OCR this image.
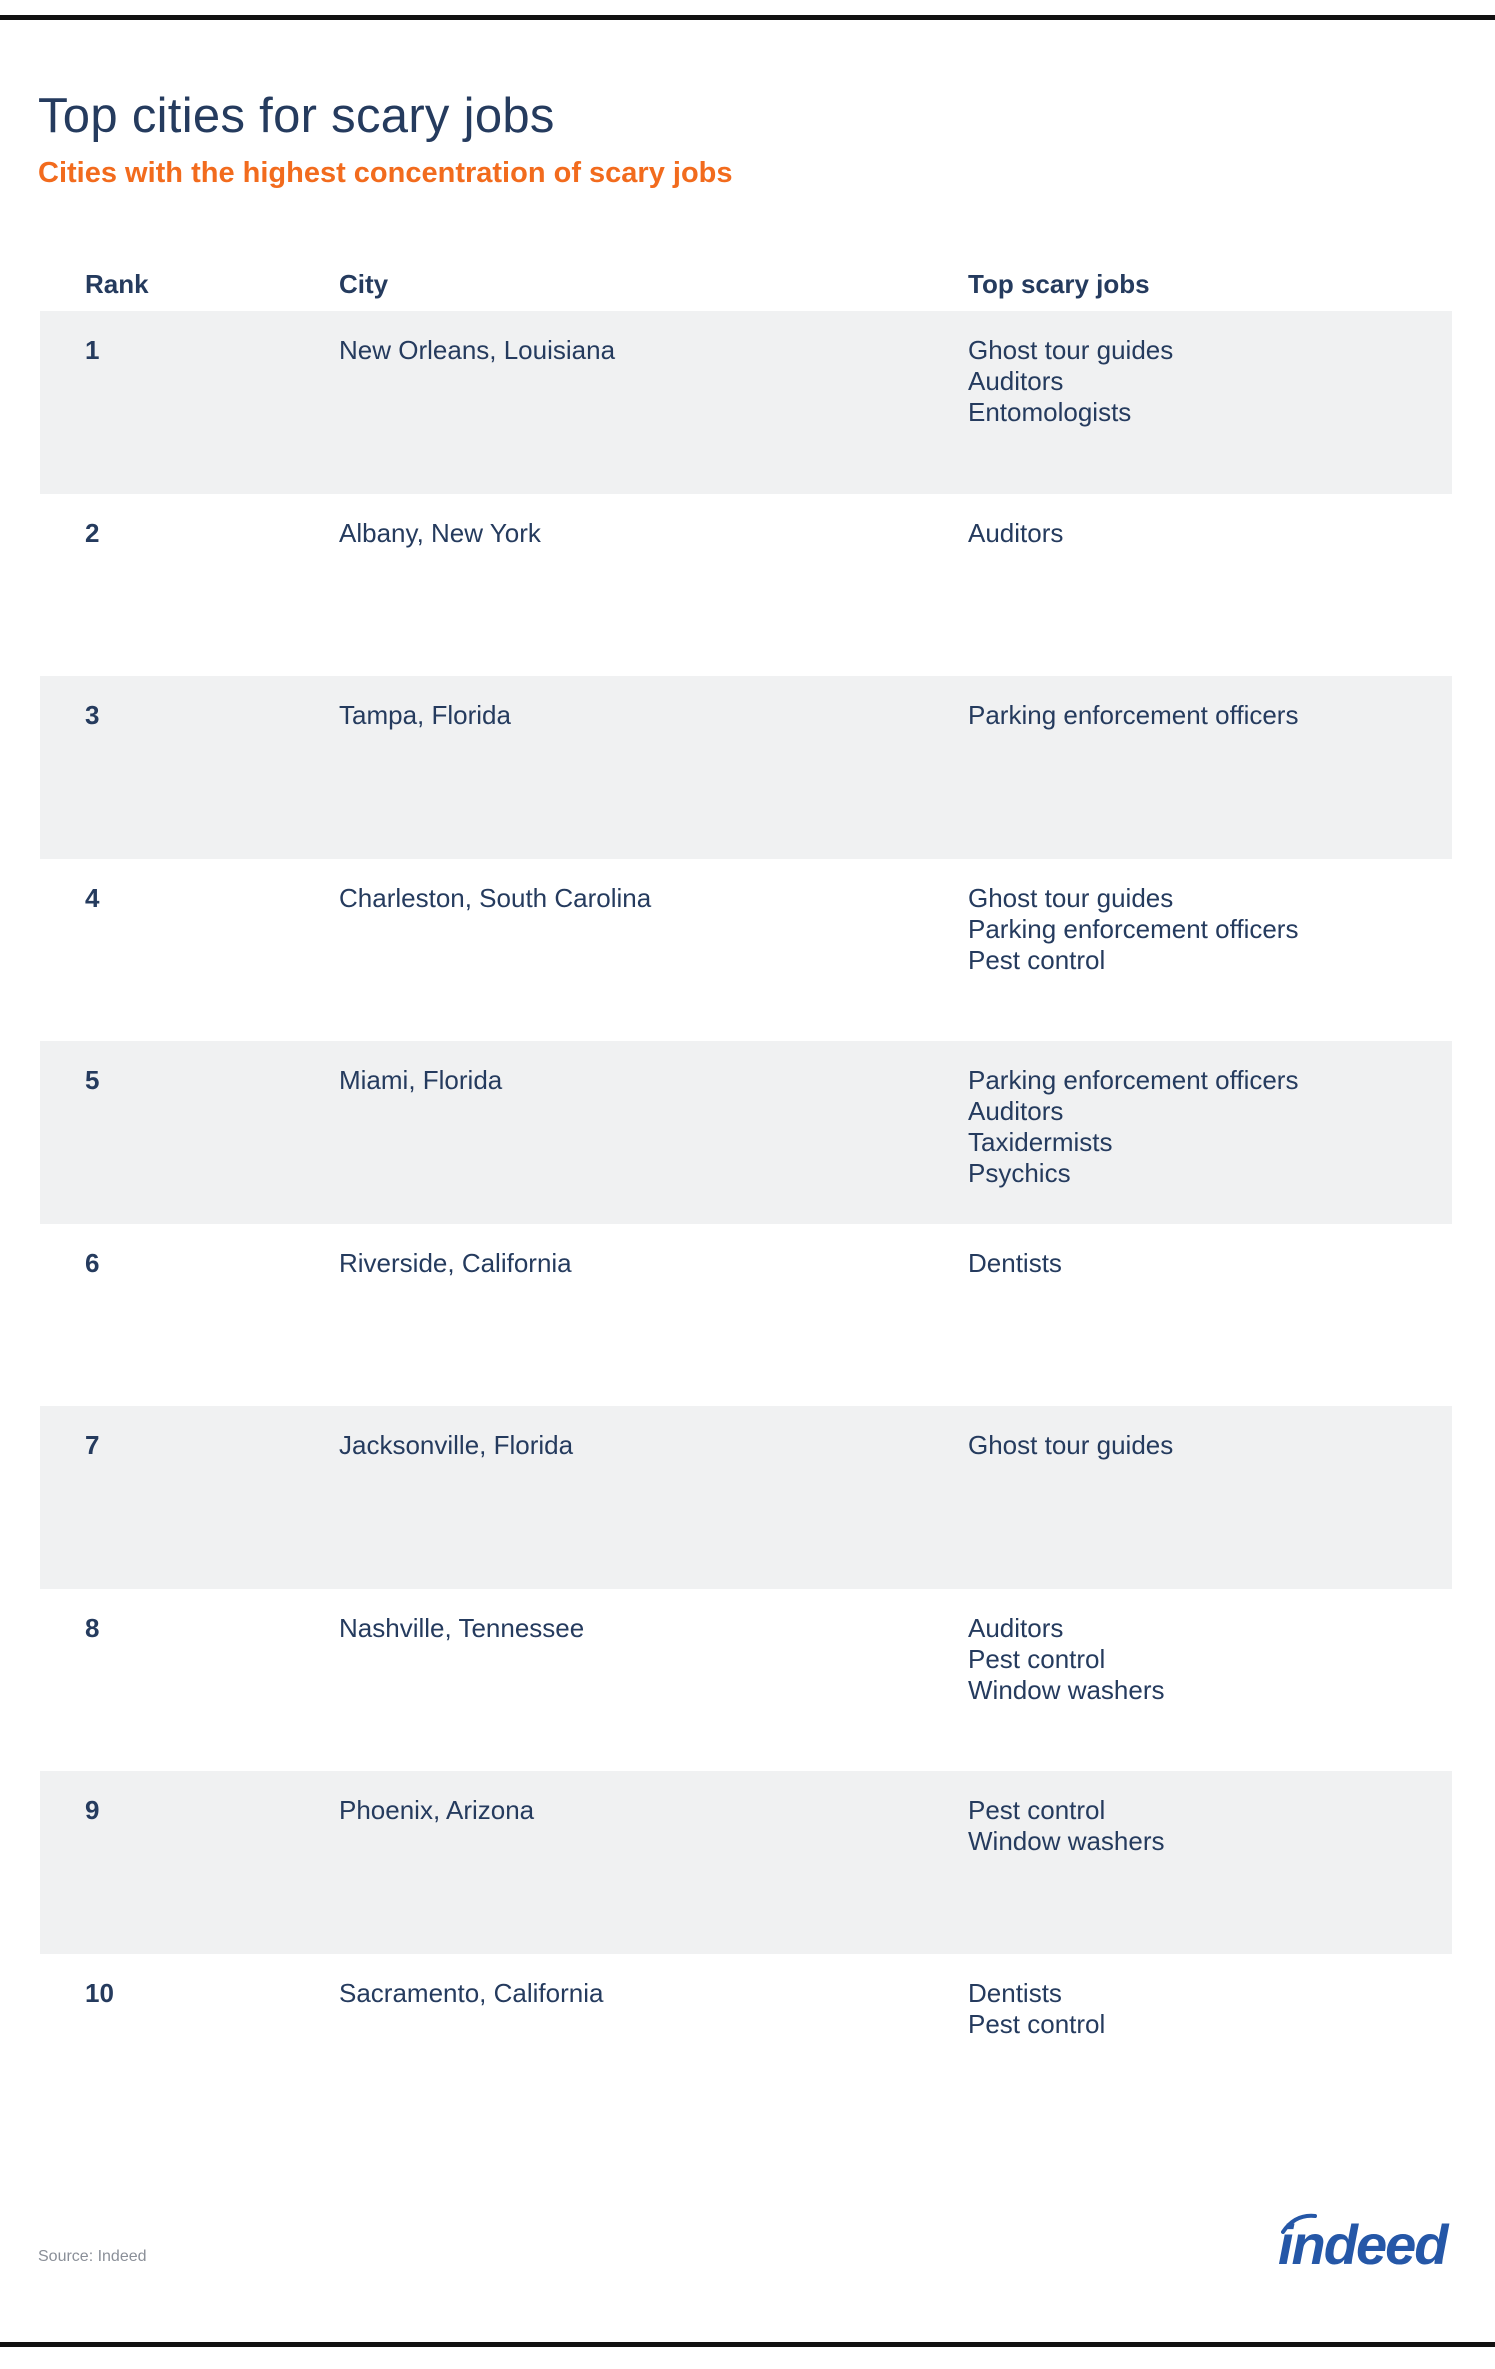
Top cities for scary jobs
Cities with the highest concentration of scary jobs
Rank	City	Top scary jobs
1	New Orleans, Louisiana	Ghost tour guides
Auditors
Entomologists
2	Albany, New York	Auditors
3	Tampa, Florida	Parking enforcement officers
4	Charleston, South Carolina	Ghost tour guides
Parking enforcement officers
Pest control
5	Miami, Florida	Parking enforcement officers
Auditors
Taxidermists
Psychics
6	Riverside, California	Dentists
7	Jacksonville, Florida	Ghost tour guides
8	Nashville, Tennessee	Auditors
Pest control
Window washers
9	Phoenix, Arizona	Pest control
Window washers
10	Sacramento, California	Dentists
Pest control
Source: Indeed	indeed
